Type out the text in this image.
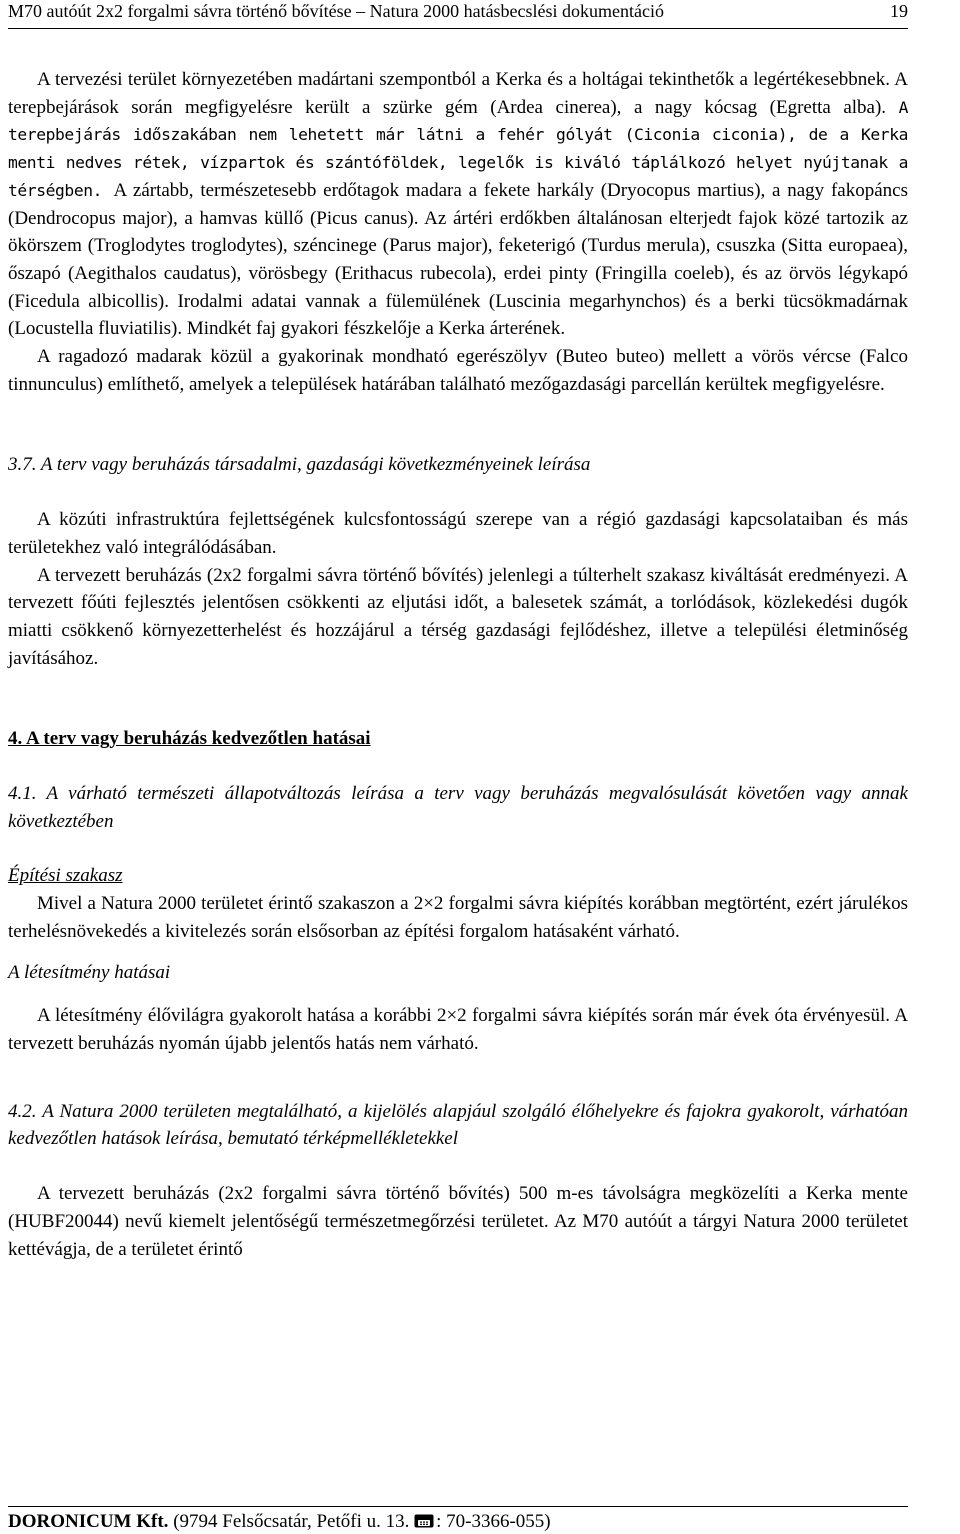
M70 autóút 2x2 forgalmi sávra történő bővítése – Natura 2000 hatásbecslési dokumentáció	19

A tervezési terület környezetében madártani szempontból a Kerka és a holtágai tekinthetők a legértékesebbnek. A terepbejárások során megfigyelésre került a szürke gém (Ardea cinerea), a nagy kócsag (Egretta alba). A terepbejárás időszakában nem lehetett már látni a fehér gólyát (Ciconia ciconia), de a Kerka menti nedves rétek, vízpartok és szántóföldek, legelők is kiváló táplálkozó helyet nyújtanak a térségben. A zártabb, természetesebb erdőtagok madara a fekete harkály (Dryocopus martius), a nagy fakopáncs (Dendrocopus major), a hamvas küllő (Picus canus). Az ártéri erdőkben általánosan elterjedt fajok közé tartozik az ökörszem (Troglodytes troglodytes), széncinege (Parus major), feketerigó (Turdus merula), csuszka (Sitta europaea), őszapó (Aegithalos caudatus), vörösbegy (Erithacus rubecola), erdei pinty (Fringilla coeleb), és az örvös légykapó (Ficedula albicollis). Irodalmi adatai vannak a fülemülének (Luscinia megarhynchos) és a berki tücsökmadárnak (Locustella fluviatilis). Mindkét faj gyakori fészkelője a Kerka árterének.

A ragadozó madarak közül a gyakorinak mondható egerészölyv (Buteo buteo) mellett a vörös vércse (Falco tinnunculus) említhető, amelyek a települések határában található mezőgazdasági parcellán kerültek megfigyelésre.

3.7. A terv vagy beruházás társadalmi, gazdasági következményeinek leírása

A közúti infrastruktúra fejlettségének kulcsfontosságú szerepe van a régió gazdasági kapcsolataiban és más területekhez való integrálódásában.

A tervezett beruházás (2x2 forgalmi sávra történő bővítés) jelenlegi a túlterhelt szakasz kiváltását eredményezi. A tervezett főúti fejlesztés jelentősen csökkenti az eljutási időt, a balesetek számát, a torlódások, közlekedési dugók miatti csökkenő környezetterhelést és hozzájárul a térség gazdasági fejlődéshez, illetve a települési életminőség javításához.

4. A terv vagy beruházás kedvezőtlen hatásai
4.1. A várható természeti állapotváltozás leírása a terv vagy beruházás megvalósulását követően vagy annak következtében
Építési szakasz

Mivel a Natura 2000 területet érintő szakaszon a 2×2 forgalmi sávra kiépítés korábban megtörtént, ezért járulékos terhelésnövekedés a kivitelezés során elsősorban az építési forgalom hatásaként várható.

A létesítmény hatásai

A létesítmény élővilágra gyakorolt hatása a korábbi 2×2 forgalmi sávra kiépítés során már évek óta érvényesül. A tervezett beruházás nyomán újabb jelentős hatás nem várható.

4.2. A Natura 2000 területen megtalálható, a kijelölés alapjául szolgáló élőhelyekre és fajokra gyakorolt, várhatóan kedvezőtlen hatások leírása, bemutató térképmellékletekkel

A tervezett beruházás (2x2 forgalmi sávra történő bővítés) 500 m-es távolságra megközelíti a Kerka mente (HUBF20044) nevű kiemelt jelentőségű természetmegőrzési területet. Az M70 autóút a tárgyi Natura 2000 területet kettévágja, de a területet érintő

DORONICUM Kft. (9794 Felsőcsatár, Petőfi u. 13.
: 70-3366-055)
